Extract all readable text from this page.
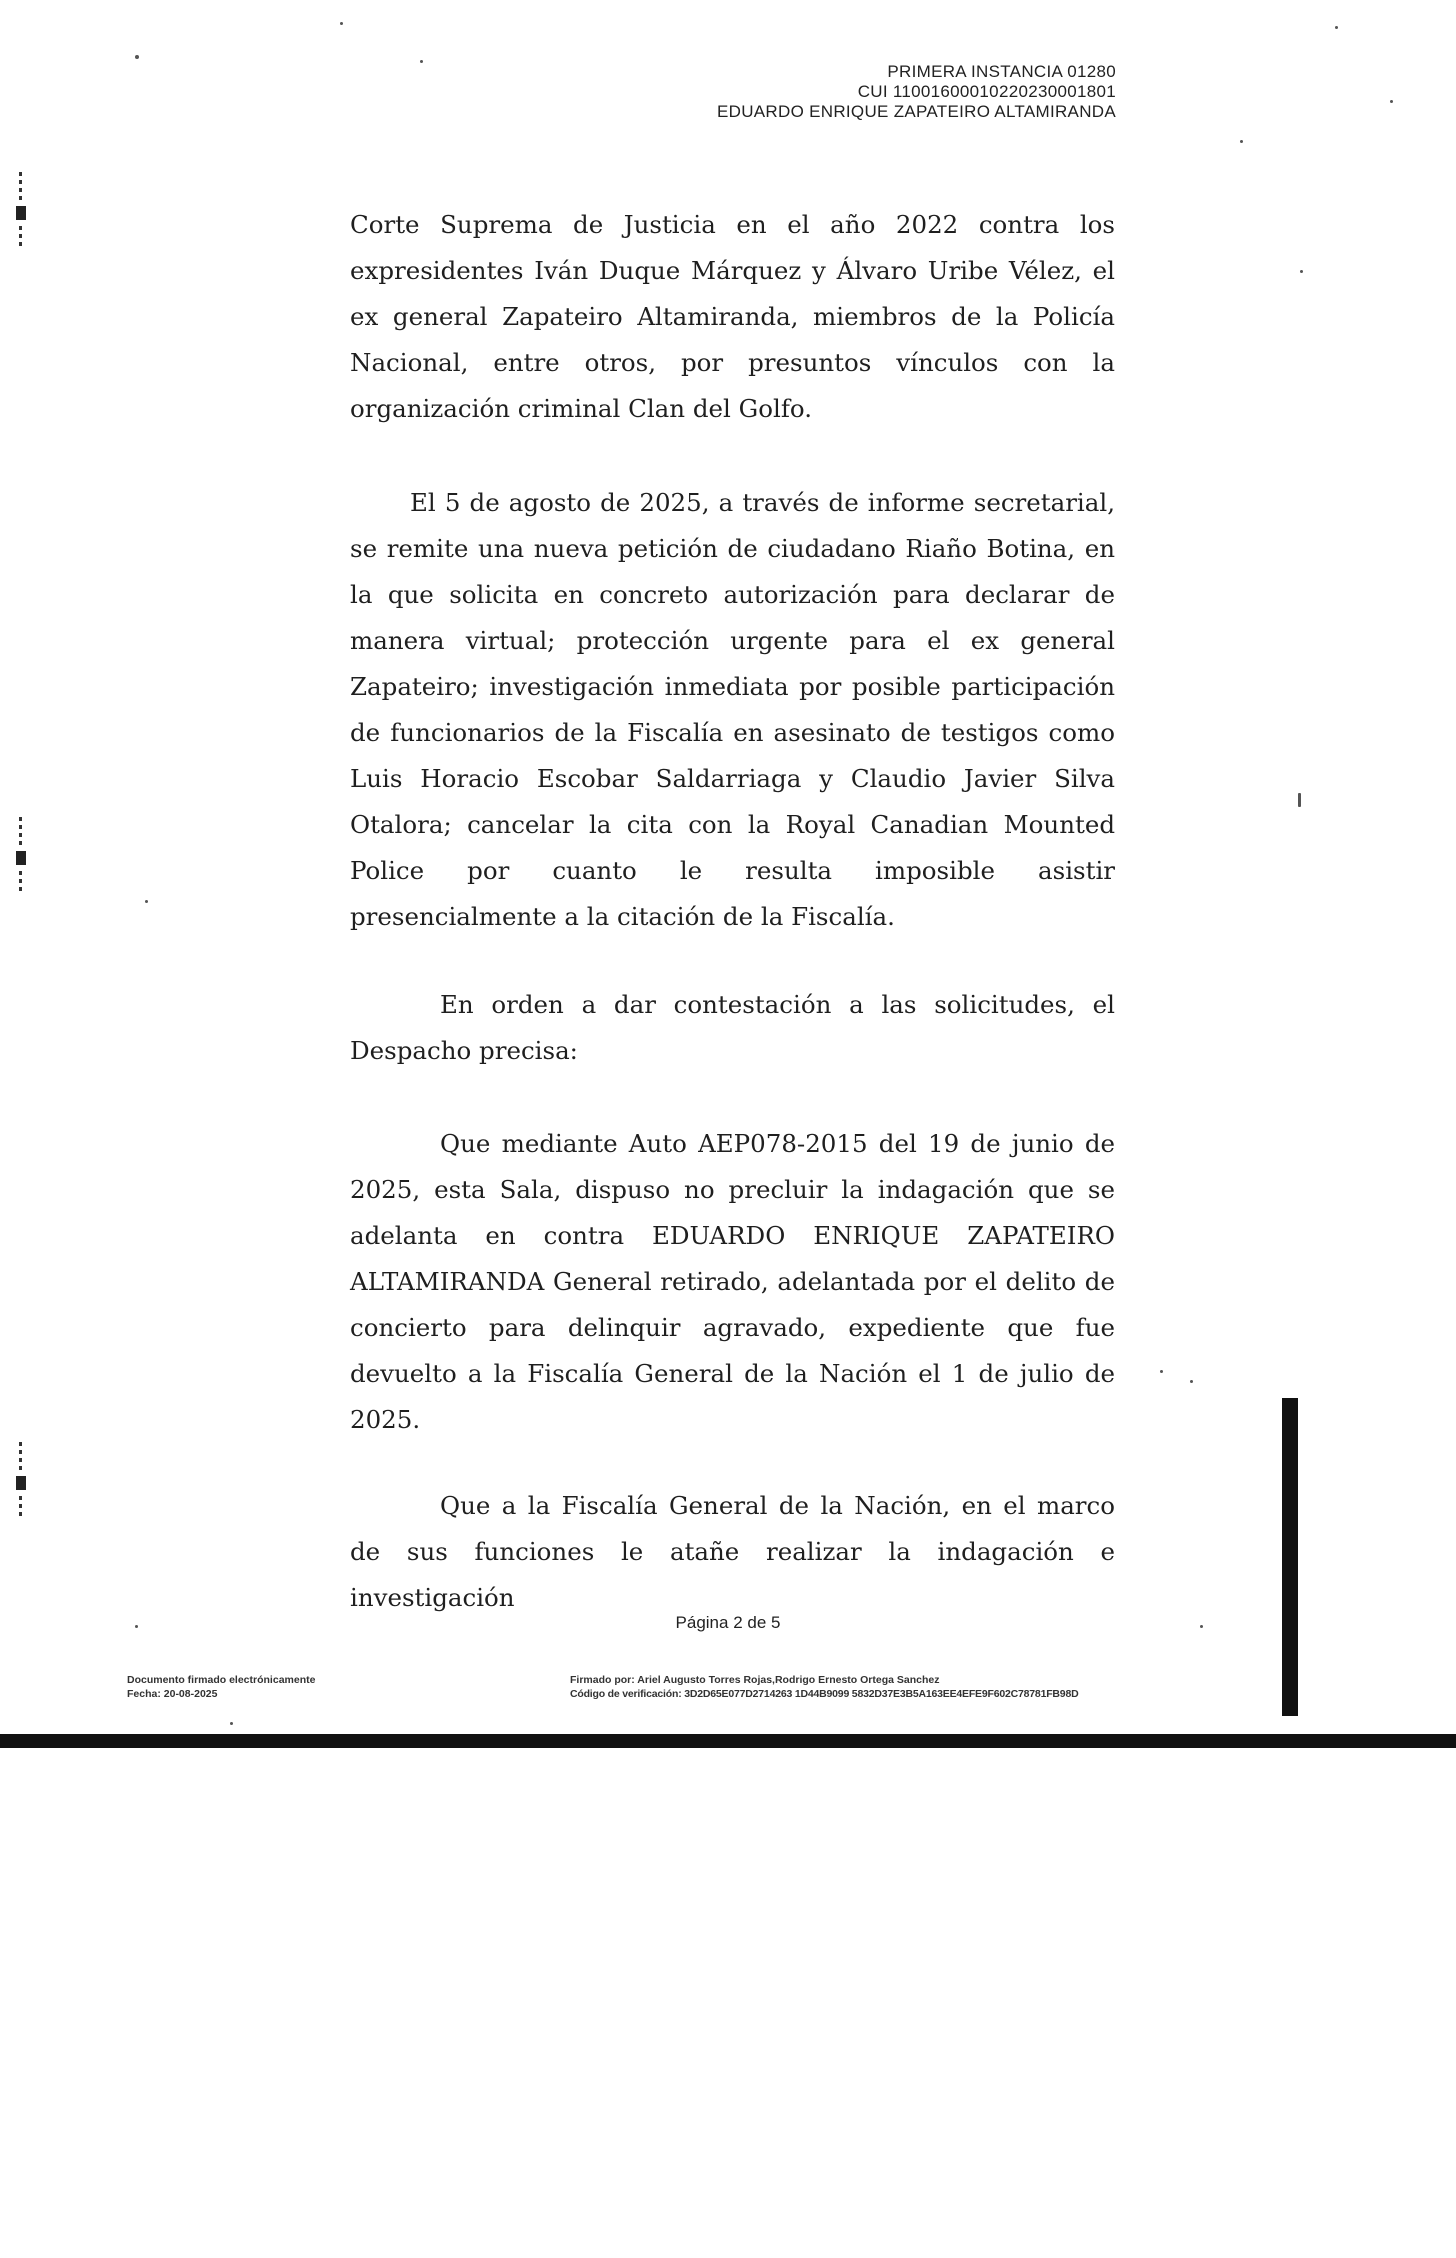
PRIMERA INSTANCIA 01280
CUI 11001600010220230001801
EDUARDO ENRIQUE ZAPATEIRO ALTAMIRANDA
Corte Suprema de Justicia en el año 2022 contra los expresidentes Iván Duque Márquez y Álvaro Uribe Vélez, el ex general Zapateiro Altamiranda, miembros de la Policía Nacional, entre otros, por presuntos vínculos con la organización criminal Clan del Golfo.
El 5 de agosto de 2025, a través de informe secretarial, se remite una nueva petición de ciudadano Riaño Botina, en la que solicita en concreto autorización para declarar de manera virtual; protección urgente para el ex general Zapateiro; investigación inmediata por posible participación de funcionarios de la Fiscalía en asesinato de testigos como Luis Horacio Escobar Saldarriaga y Claudio Javier Silva Otalora; cancelar la cita con la Royal Canadian Mounted Police por cuanto le resulta imposible asistir presencialmente a la citación de la Fiscalía.
En orden a dar contestación a las solicitudes, el Despacho precisa:
Que mediante Auto AEP078-2015 del 19 de junio de 2025, esta Sala, dispuso no precluir la indagación que se adelanta en contra EDUARDO ENRIQUE ZAPATEIRO ALTAMIRANDA General retirado, adelantada por el delito de concierto para delinquir agravado, expediente que fue devuelto a la Fiscalía General de la Nación el 1 de julio de 2025.
Que a la Fiscalía General de la Nación, en el marco de sus funciones le atañe realizar la indagación e investigación
Página 2 de 5
Documento firmado electrónicamente
Fecha: 20-08-2025
Firmado por: Ariel Augusto Torres Rojas,Rodrigo Ernesto Ortega Sanchez
Código de verificación: 3D2D65E077D2714263 1D44B9099 5832D37E3B5A163EE4EFE9F602C78781FB98D
